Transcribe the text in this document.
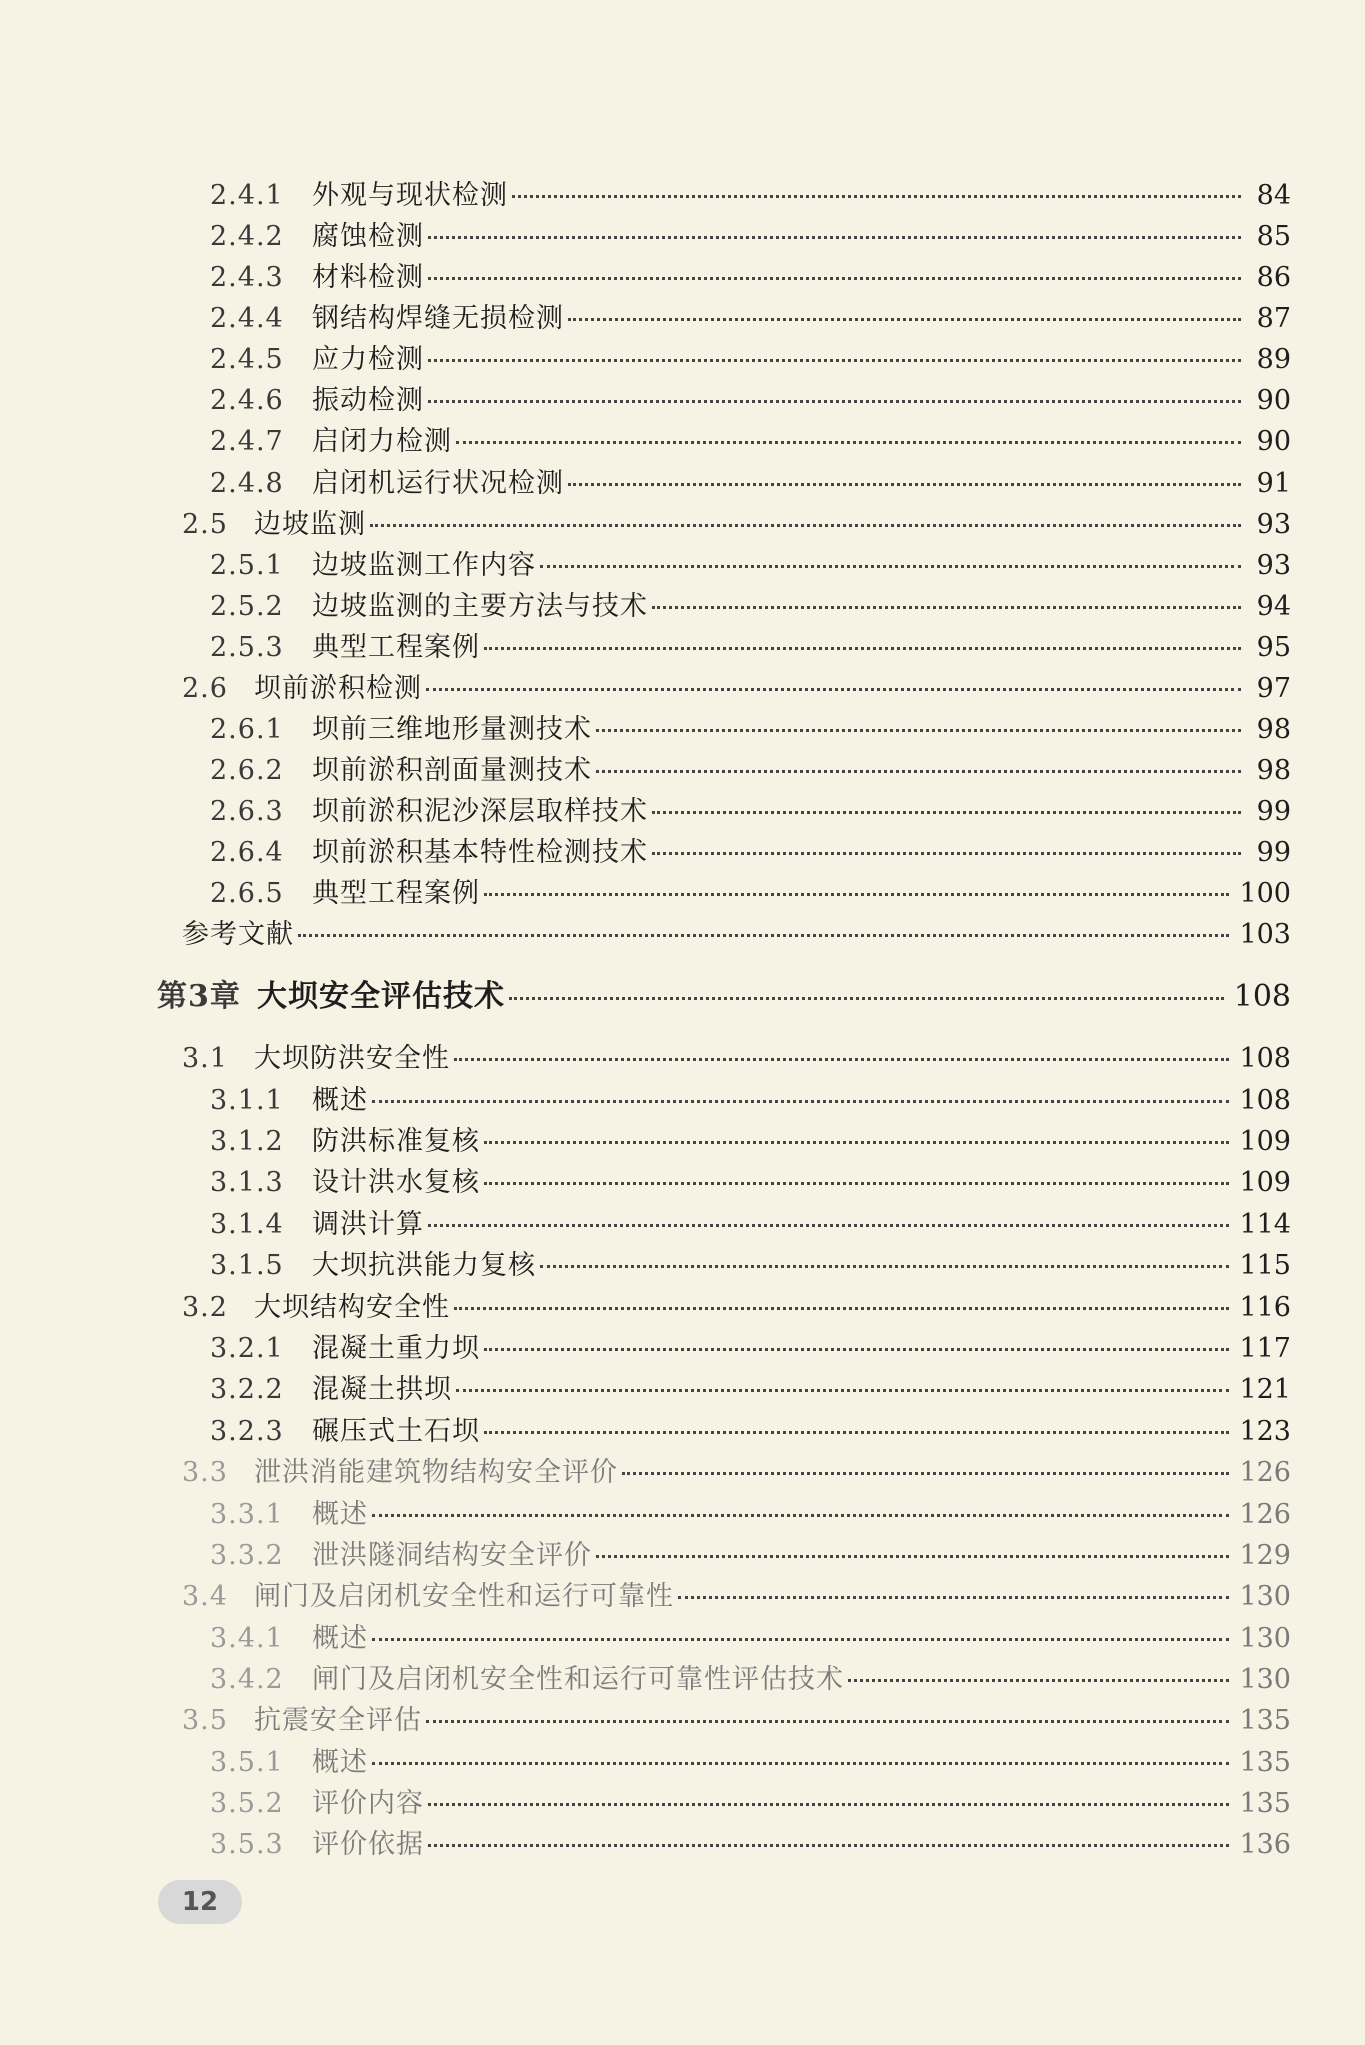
2.4.1	外观与现状检测	84
2.4.2	腐蚀检测	85
2.4.3	材料检测	86
2.4.4	钢结构焊缝无损检测	87
2.4.5	应力检测	89
2.4.6	振动检测	90
2.4.7	启闭力检测	90
2.4.8	启闭机运行状况检测	91
2.5 边坡监测	93
2.5.1	边坡监测工作内容	93
2.5.2	边坡监测的主要方法与技术	94
2.5.3	典型工程案例	95
2.6 坝前淤积检测	97
2.6.1	坝前三维地形量测技术	98
2.6.2	坝前淤积剖面量测技术	98
2.6.3	坝前淤积泥沙深层取样技术	99
2.6.4	坝前淤积基本特性检测技术	99
2.6.5	典型工程案例	100
参考文献	103
第3章 大坝安全评估技术	108
3.1 大坝防洪安全性	108
3.1.1	概述	108
3.1.2	防洪标准复核	109
3.1.3	设计洪水复核	109
3.1.4	调洪计算	114
3.1.5	大坝抗洪能力复核	115
3.2 大坝结构安全性	116
3.2.1	混凝土重力坝	117
3.2.2	混凝土拱坝	121
3.2.3	碾压式土石坝	123
3.3 泄洪消能建筑物结构安全评价	126
3.3.1	概述	126
3.3.2	泄洪隧洞结构安全评价	129
3.4 闸门及启闭机安全性和运行可靠性	130
3.4.1	概述	130
3.4.2	闸门及启闭机安全性和运行可靠性评估技术	130
3.5 抗震安全评估	135
3.5.1	概述	135
3.5.2	评价内容	135
3.5.3	评价依据	136
12
